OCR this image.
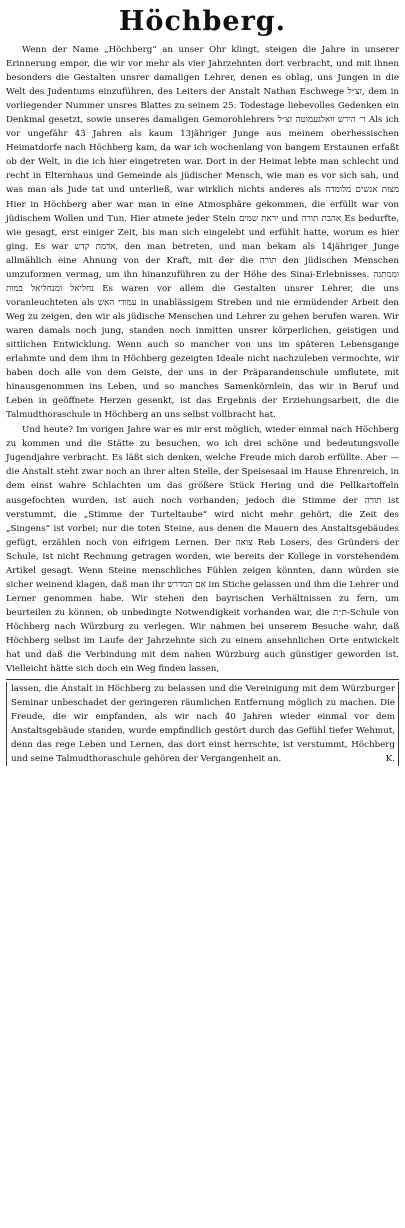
Höchberg.

Wenn der Name „Höchberg“ an unser Ohr klingt, steigen die Jahre in unserer Erinnerung empor, die wir vor mehr als vier Jahrzehnten dort verbracht, und mit ihnen besonders die Gestalten unsrer damaligen Lehrer, denen es oblag, uns Jungen in die Welt des Judentums einzuführen, des Leiters der Anstalt Nathan Eschwege זצ״ל, dem in vorliegender Nummer unsres Blattes zu seinem 25. Todestage liebevolles Gedenken ein Denkmal gesetzt, sowie unseres damaligen Gemorohlehrers ר׳ הירש וואלגעמוטה זצ״ל Als ich vor ungefähr 43 Jahren als kaum 13jähriger Junge aus meinem oberhessischen Heimatdorfe nach Höchberg kam, da war ich wochenlang von bangem Erstaunen erfaßt ob der Welt, in die ich hier eingetreten war. Dort in der Heimat lebte man schlecht und recht in Elternhaus und Gemeinde als jüdischer Mensch, wie man es vor sich sah, und was man als Jude tat und unterließ, war wirklich nichts anderes als מצות אנשים מלומדה Hier in Höchberg aber war man in eine Atmosphäre gekommen, die erfüllt war von jüdischem Wollen und Tun. Hier atmete jeder Stein יראת שמים und אהבת תורה Es bedurfte, wie gesagt, erst einiger Zeit, bis man sich eingelebt und erfühlt hatte, worum es hier ging. Es war אדמת קדש, den man betreten, und man bekam als 14jähriger Junge allmählich eine Ahnung von der Kraft, mit der die תורה den jüdischen Menschen umzuformen vermag, um ihn hinanzuführen zu der Höhe des Sinai-Erlebnisses. וממתנה נחליאל ומנחליאל במות Es waren vor allem die Gestalten unsrer Lehrer, die uns voranleuchteten als עמודי האש in unablässigem Streben und nie ermüdender Arbeit den Weg zu zeigen, den wir als jüdische Menschen und Lehrer zu gehen berufen waren. Wir waren damals noch jung, standen noch inmitten unsrer körperlichen, geistigen und sittlichen Entwicklung. Wenn auch so mancher von uns im späteren Lebensgange erlahmte und dem ihm in Höchberg gezeigten Ideale nicht nachzuleben vermochte, wir haben doch alle von dem Geiste, der uns in der Präparandenschule umflutete, mit hinausgenommen ins Leben, und so manches Samenkörnlein, das wir in Beruf und Leben in geöffnete Herzen gesenkt, ist das Ergebnis der Erziehungsarbeit, die die Talmudthoraschule in Höchberg an uns selbst vollbracht hat.

Und heute? Im vorigen Jahre war es mir erst möglich, wieder einmal nach Höchberg zu kommen und die Stätte zu besuchen, wo ich drei schöne und bedeutungsvolle Jugendjahre verbracht. Es läßt sich denken, welche Freude mich darob erfüllte. Aber — die Anstalt steht zwar noch an ihrer alten Stelle, der Speisesaal im Hause Ehrenreich, in dem einst wahre Schlachten um das größere Stück Hering und die Pellkartoffeln ausgefochten wurden, ist auch noch vorhanden; jedoch die Stimme der תורה ist verstummt, die „Stimme der Turteltaube“ wird nicht mehr gehört, die Zeit des „Singens“ ist vorbei; nur die toten Steine, aus denen die Mauern des Anstaltsgebäudes gefügt, erzählen noch von eifrigem Lernen. Der צואה Reb Losers, des Gründers der Schule, ist nicht Rechnung getragen worden, wie bereits der Kollege in vorstehendem Artikel gesagt. Wenn Steine menschliches Fühlen zeigen könnten, dann würden sie sicher weinend klagen, daß man ihr אם המדרש im Stiche gelassen und ihm die Lehrer und Lerner genommen habe. Wir stehen den bayrischen Verhältnissen zu fern, um beurteilen zu können, ob unbedingte Notwendigkeit vorhanden war, die ת״ת-Schule von Höchberg nach Würzburg zu verlegen. Wir nahmen bei unserem Besuche wahr, daß Höchberg selbst im Laufe der Jahrzehnte sich zu einem ansehnlichen Orte entwickelt hat und daß die Verbindung mit dem nahen Würzburg auch günstiger geworden ist. Vielleicht hätte sich doch ein Weg finden lassen,

lassen, die Anstalt in Höchberg zu belassen und die Vereinigung mit dem Würzburger Seminar unbeschadet der geringeren räumlichen Entfernung möglich zu machen. Die Freude, die wir empfanden, als wir nach 40 Jahren wieder einmal vor dem Anstaltsgebäude standen, wurde empfindlich gestört durch das Gefühl tiefer Wehmut, denn das rege Leben und Lernen, das dort einst herrschte, ist verstummt, Höchberg und seine Talmudthoraschule gehören der Vergangenheit an.	K.
